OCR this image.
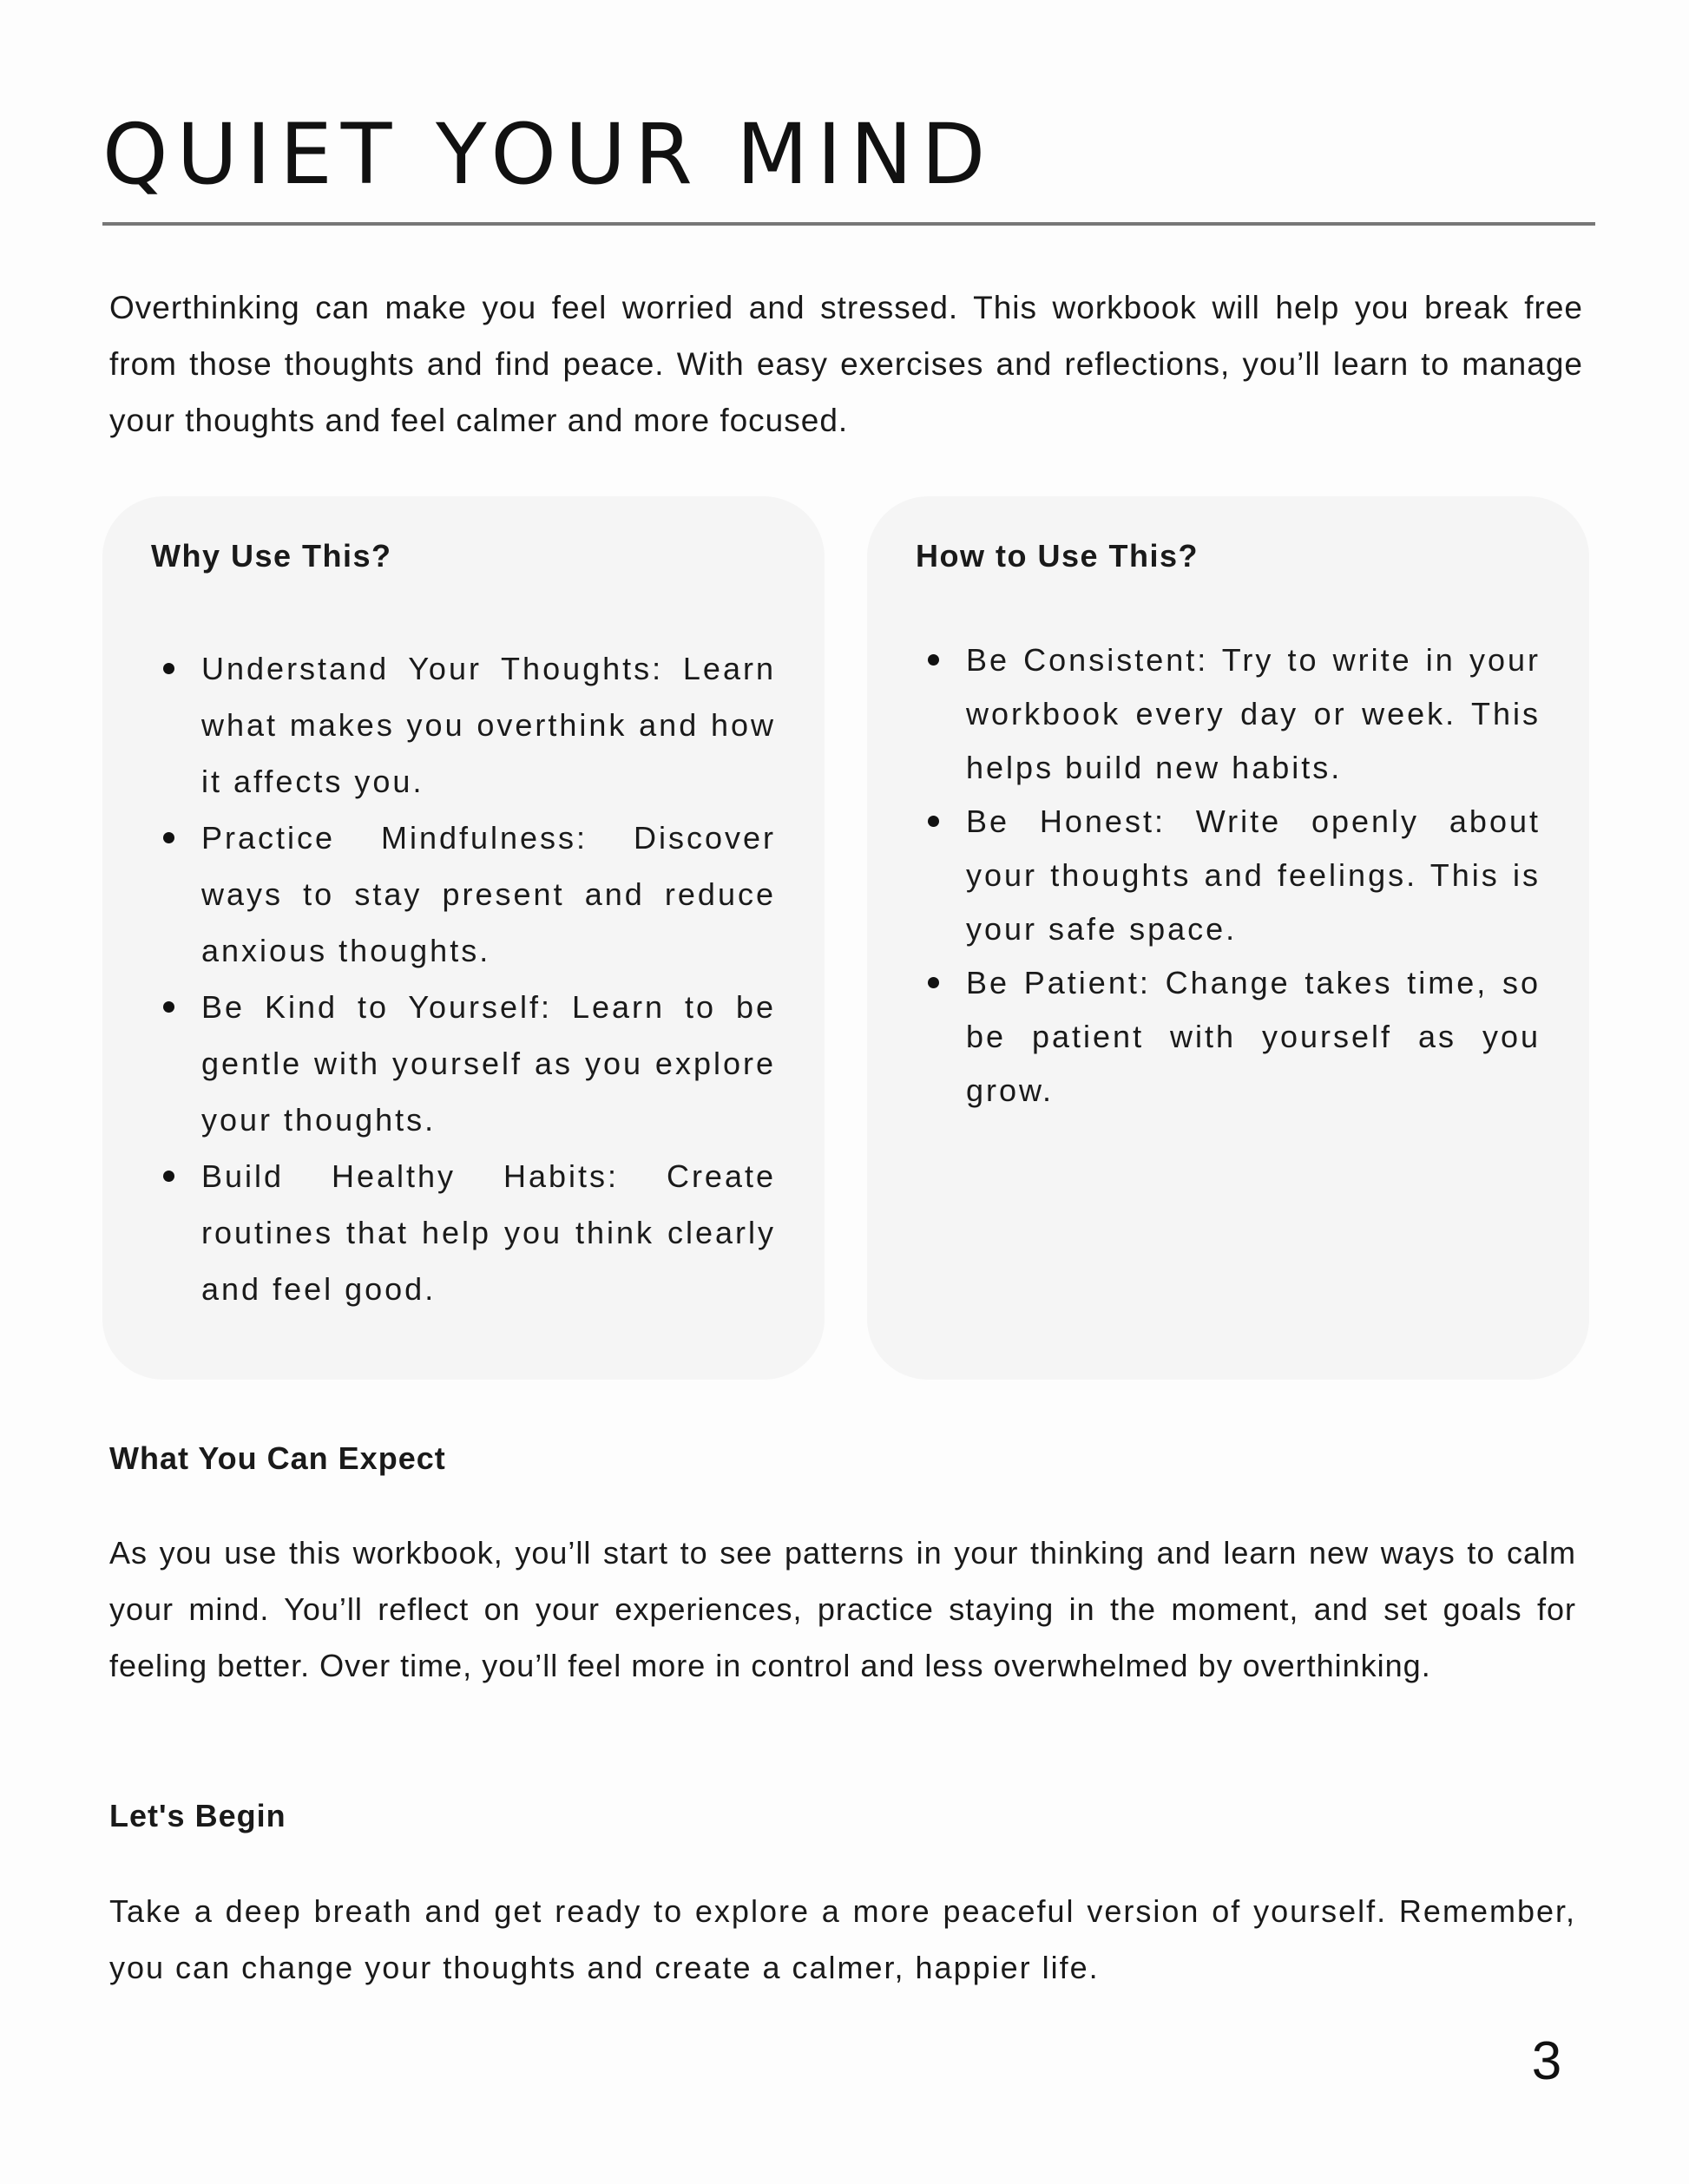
QUIET YOUR MIND

Overthinking can make you feel worried and stressed. This workbook will help you break free from those thoughts and find peace. With easy exercises and reflections, you’ll learn to manage your thoughts and feel calmer and more focused.

Why Use This?
Understand Your Thoughts: Learn what makes you overthink and how it affects you.
Practice Mindfulness: Discover ways to stay present and reduce anxious thoughts.
Be Kind to Yourself: Learn to be gentle with yourself as you explore your thoughts.
Build Healthy Habits: Create routines that help you think clearly and feel good.
How to Use This?
Be Consistent: Try to write in your workbook every day or week. This helps build new habits.
Be Honest: Write openly about your thoughts and feelings. This is your safe space.
Be Patient: Change takes time, so be patient with yourself as you grow.
What You Can Expect

As you use this workbook, you’ll start to see patterns in your thinking and learn new ways to calm your mind. You’ll reflect on your experiences, practice staying in the moment, and set goals for feeling better. Over time, you’ll feel more in control and less overwhelmed by overthinking.

Let's Begin

Take a deep breath and get ready to explore a more peaceful version of yourself. Remember, you can change your thoughts and create a calmer, happier life.

3
